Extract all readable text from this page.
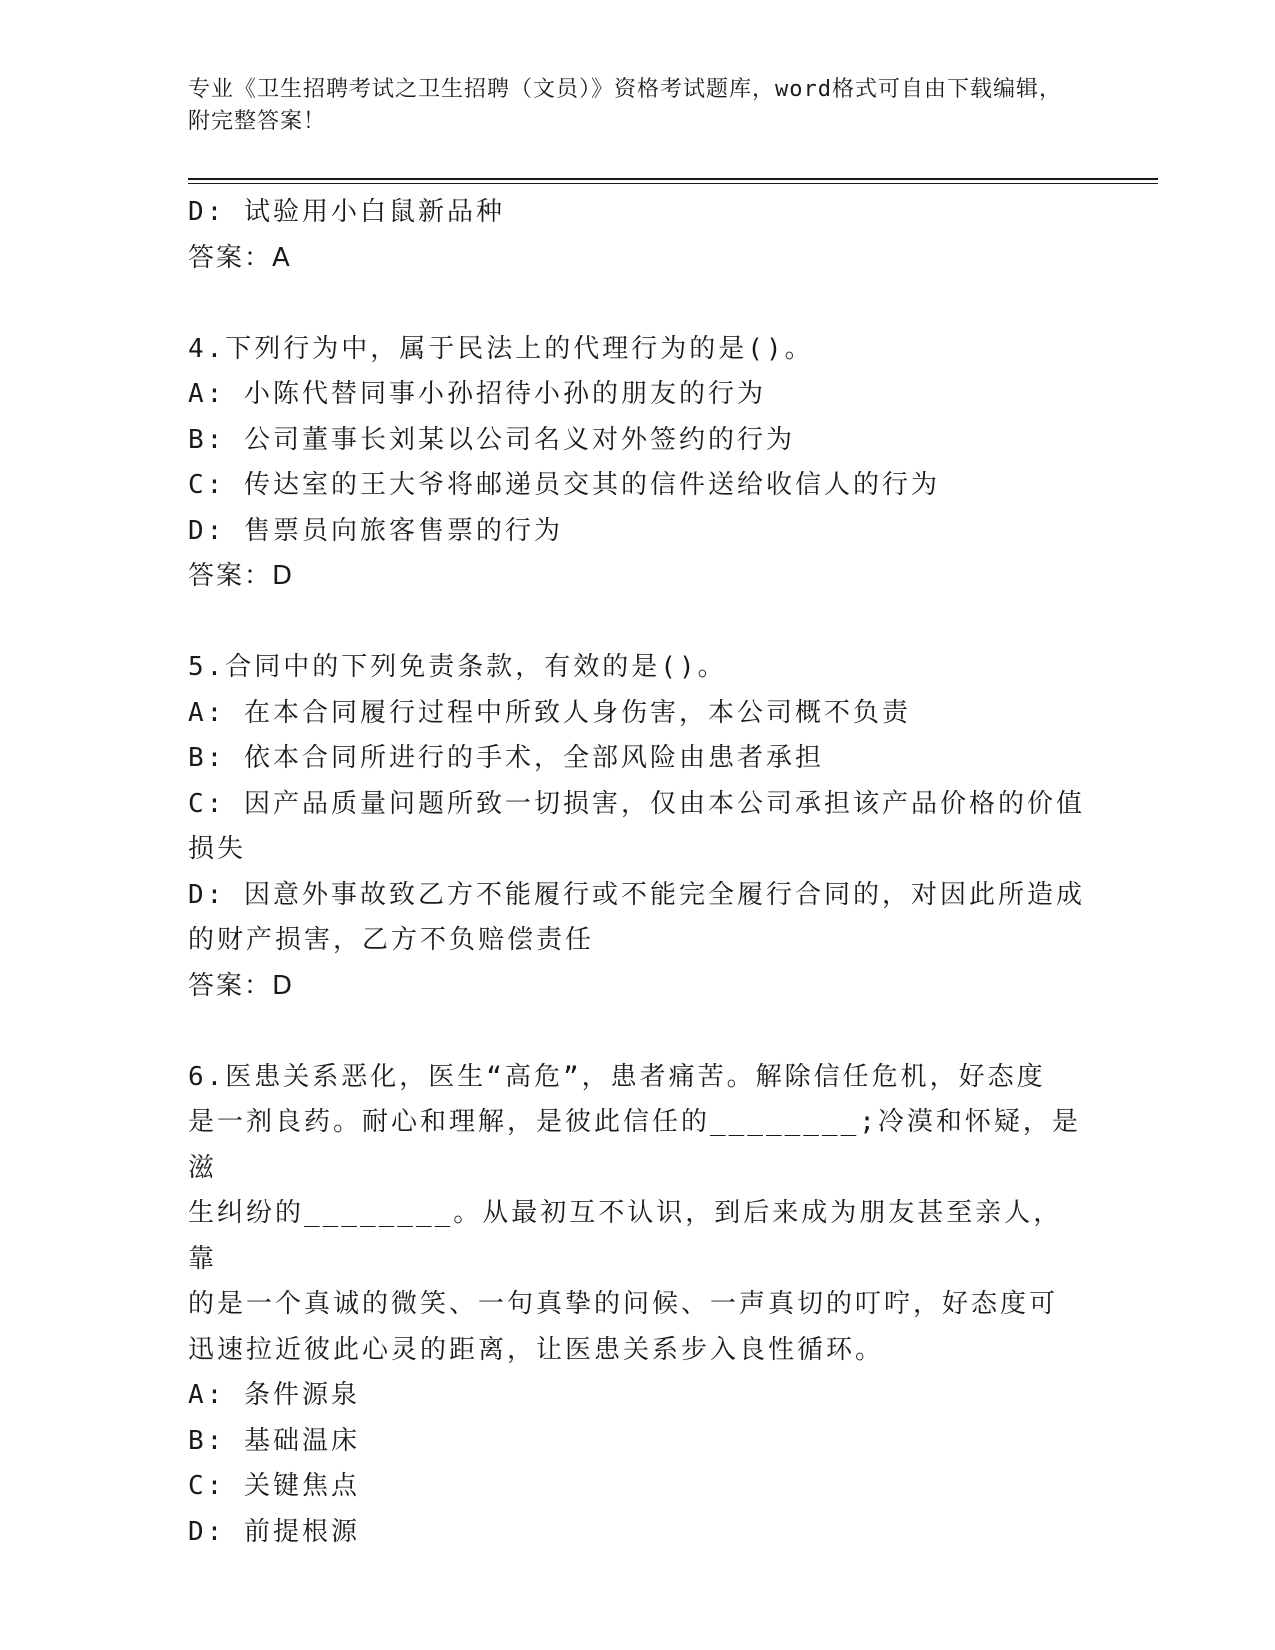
专业《卫生招聘考试之卫生招聘（文员）》资格考试题库，word格式可自由下载编辑，附完整答案！
D: 试验用小白鼠新品种
答案：A
4.下列行为中，属于民法上的代理行为的是()。
A: 小陈代替同事小孙招待小孙的朋友的行为
B: 公司董事长刘某以公司名义对外签约的行为
C: 传达室的王大爷将邮递员交其的信件送给收信人的行为
D: 售票员向旅客售票的行为
答案：D
5.合同中的下列免责条款，有效的是()。
A: 在本合同履行过程中所致人身伤害，本公司概不负责
B: 依本合同所进行的手术，全部风险由患者承担
C: 因产品质量问题所致一切损害，仅由本公司承担该产品价格的价值
损失
D: 因意外事故致乙方不能履行或不能完全履行合同的，对因此所造成
的财产损害，乙方不负赔偿责任
答案：D
6.医患关系恶化，医生“高危”，患者痛苦。解除信任危机，好态度
是一剂良药。耐心和理解，是彼此信任的________;冷漠和怀疑，是滋
生纠纷的________。从最初互不认识，到后来成为朋友甚至亲人，靠
的是一个真诚的微笑、一句真挚的问候、一声真切的叮咛，好态度可
迅速拉近彼此心灵的距离，让医患关系步入良性循环。
A: 条件源泉
B: 基础温床
C: 关键焦点
D: 前提根源
